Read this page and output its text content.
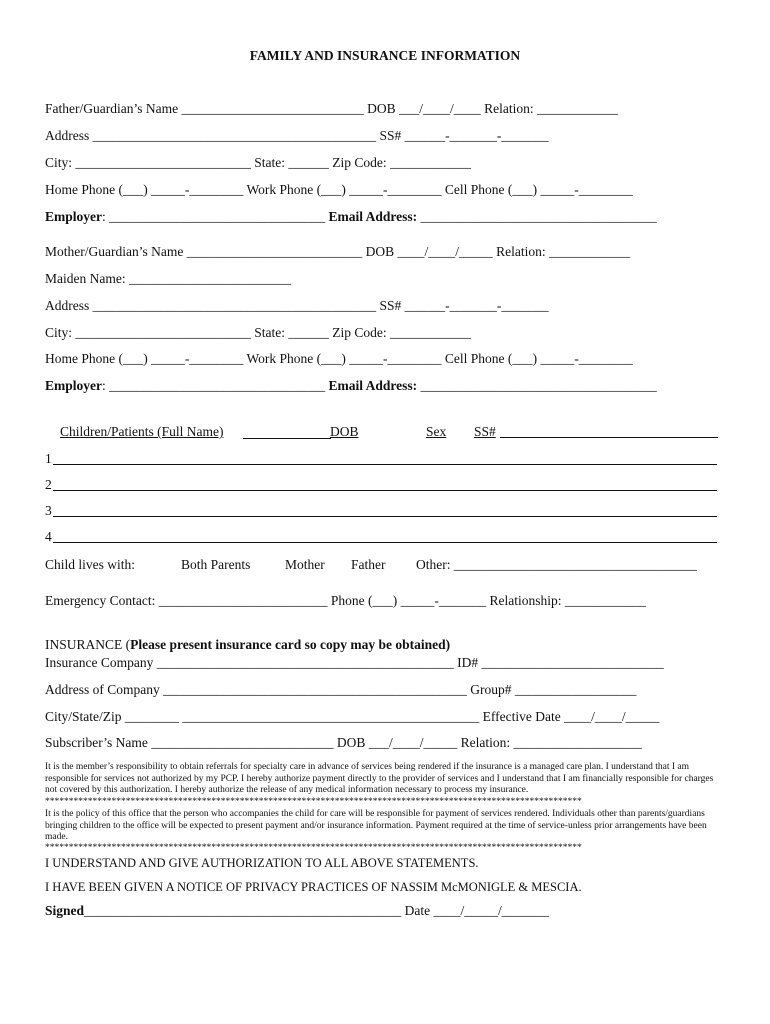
FAMILY AND INSURANCE INFORMATION
Father/Guardian’s Name ___________________________ DOB ___/____/____ Relation: ____________
Address __________________________________________ SS# ______-_______-_______
City: __________________________ State: ______ Zip Code: ____________
Home Phone (___) _____-________ Work Phone (___) _____-________ Cell Phone (___) _____-________
Employer: ________________________________ Email Address: ___________________________________
Mother/Guardian’s Name __________________________ DOB ____/____/_____ Relation: ____________
Maiden Name: ________________________
Address __________________________________________ SS# ______-_______-_______
City: __________________________ State: ______ Zip Code: ____________
Home Phone (___) _____-________ Work Phone (___) _____-________ Cell Phone (___) _____-________
Employer: ________________________________ Email Address: ___________________________________
Children/Patients (Full Name)	DOB	Sex SS#
1
2
3
4
Child lives with:	Both Parents	Mother Father Other: ____________________________________
Emergency Contact: _________________________ Phone (___) _____-_______ Relationship: ____________
INSURANCE (Please present insurance card so copy may be obtained)
Insurance Company ____________________________________________ ID# ___________________________
Address of Company _____________________________________________ Group# __________________
City/State/Zip ________ ____________________________________________ Effective Date ____/____/_____
Subscriber’s Name ___________________________ DOB ___/____/_____ Relation: ___________________
It is the member’s responsibility to obtain referrals for specialty care in advance of services being rendered if the insurance is a managed care plan. I understand that I am responsible for services not authorized by my PCP. I hereby authorize payment directly to the provider of services and I understand that I am financially responsible for charges not covered by this authorization. I hereby authorize the release of any medical information necessary to process my insurance.
*****************************************************************************************************************
It is the policy of this office that the person who accompanies the child for care will be responsible for payment of services rendered. Individuals other than parents/guardians bringing children to the office will be expected to present payment and/or insurance information. Payment required at the time of service-unless prior arrangements have been made.
*****************************************************************************************************************
I UNDERSTAND AND GIVE AUTHORIZATION TO ALL ABOVE STATEMENTS.
I HAVE BEEN GIVEN A NOTICE OF PRIVACY PRACTICES OF NASSIM McMONIGLE & MESCIA.
Signed_______________________________________________ Date ____/_____/_______
